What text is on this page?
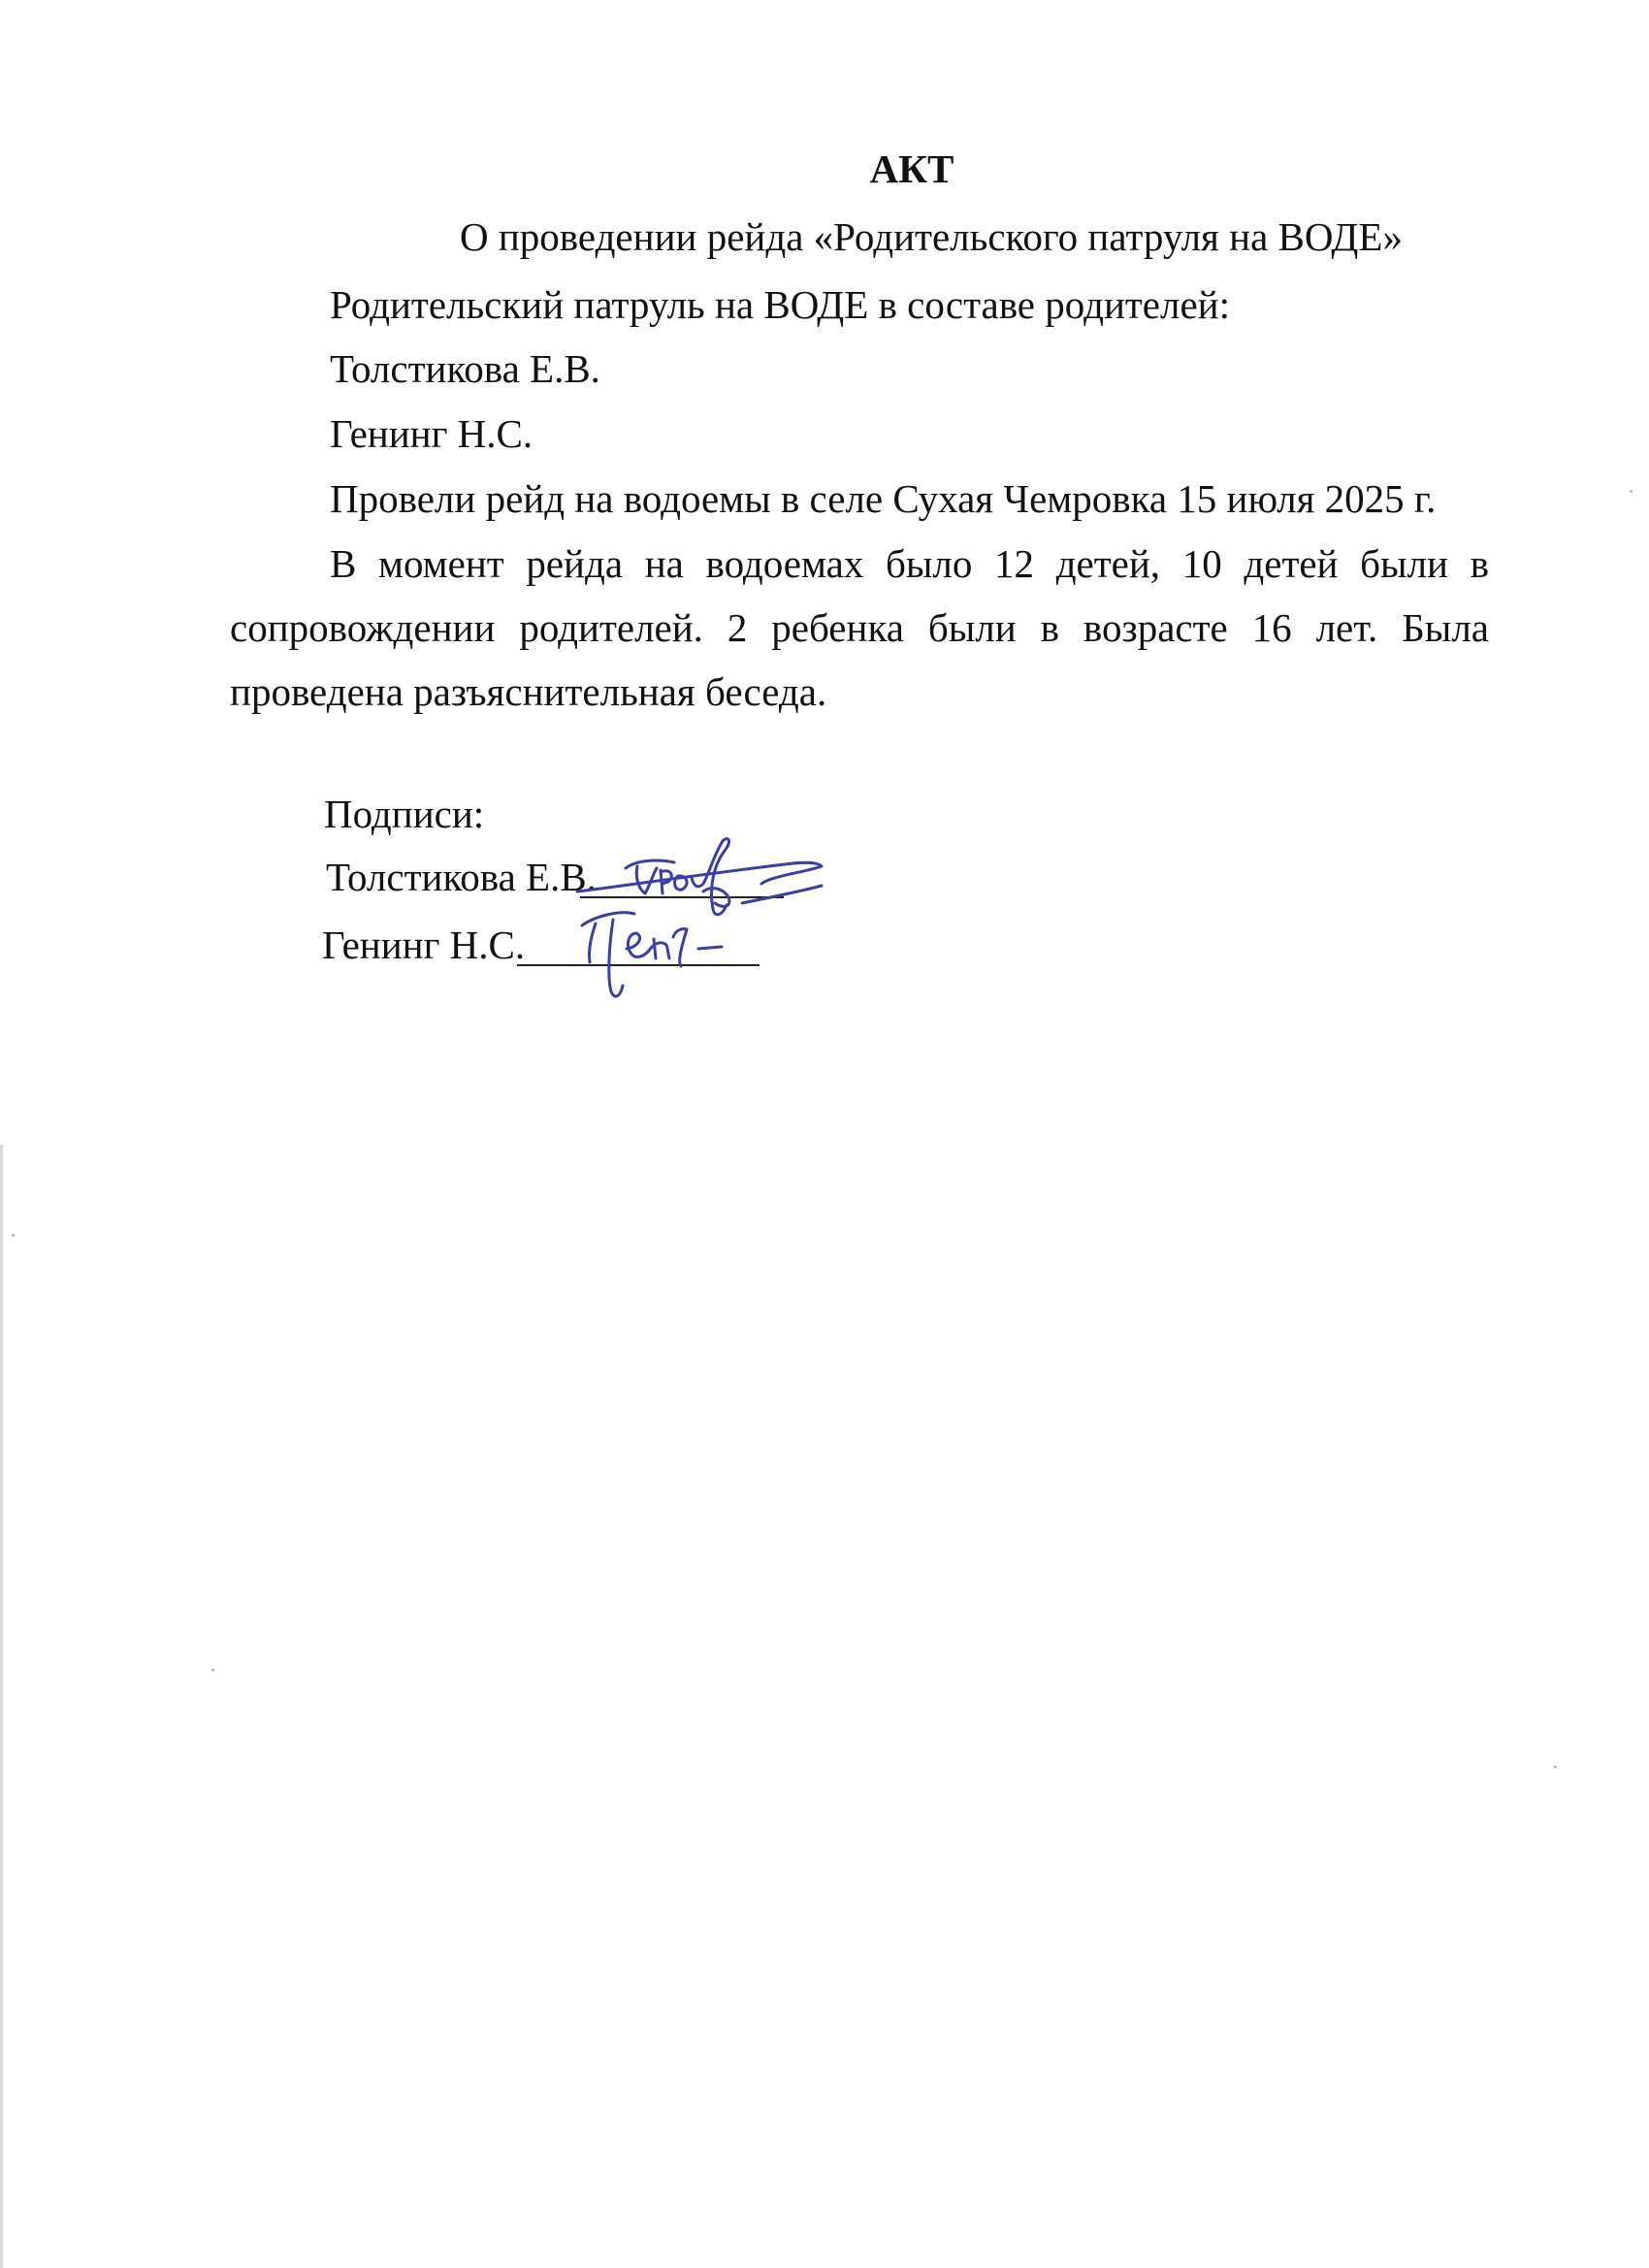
АКТ
О проведении рейда «Родительского патруля на ВОДЕ»
Родительский патруль на ВОДЕ в составе родителей:
Толстикова Е.В.
Генинг Н.С.
Провели рейд на водоемы в селе Сухая Чемровка 15 июля 2025 г.
В момент рейда на водоемах было 12 детей, 10 детей были в сопровождении родителей. 2 ребенка были в возрасте 16 лет. Была проведена разъяснительная беседа.
Подписи:
Толстикова Е.В.
Генинг Н.С.
